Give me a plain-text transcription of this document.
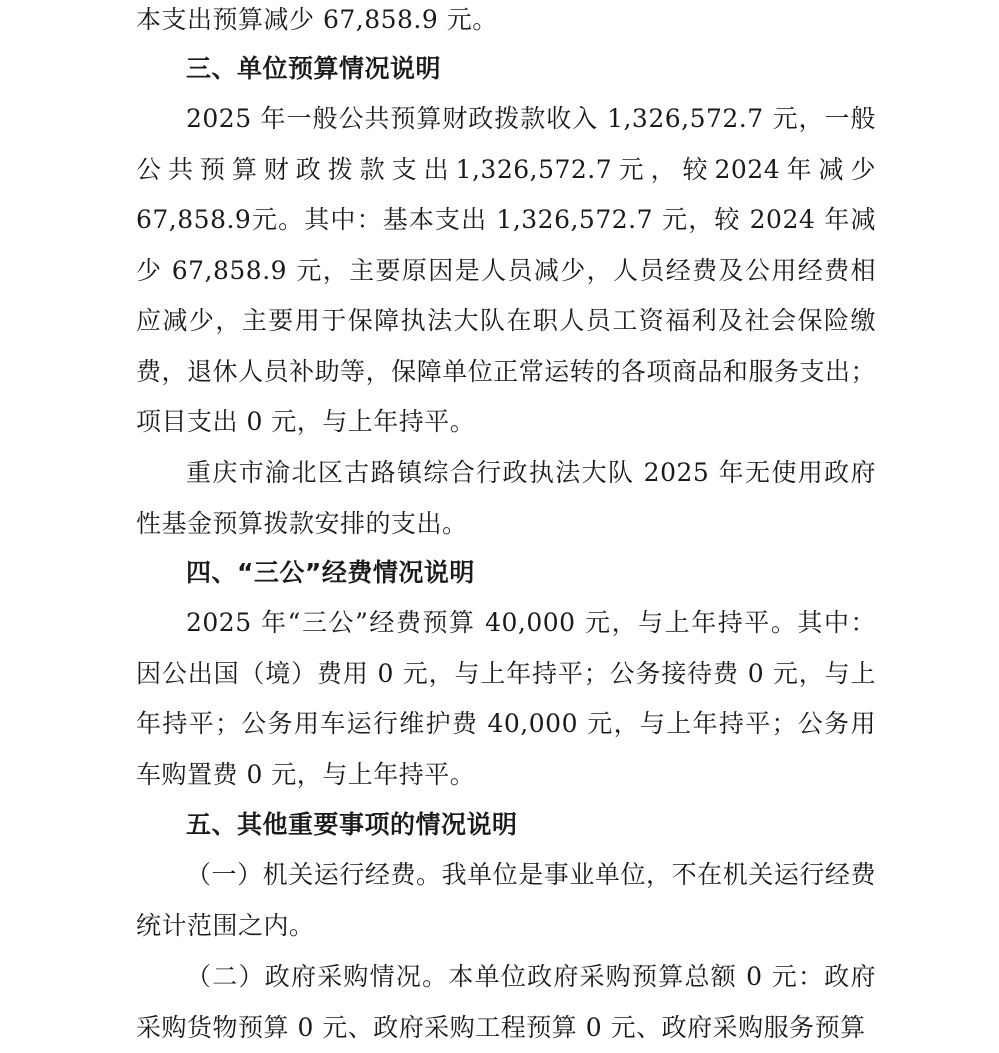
本支出预算减少 67,858.9 元。

三、单位预算情况说明

2025 年一般公共预算财政拨款收入 1,326,572.7 元，一般公共预算财政拨款支出1,326,572.7元，较2024年减少67,858.9元。其中：基本支出 1,326,572.7 元，较 2024 年减少 67,858.9 元，主要原因是人员减少，人员经费及公用经费相应减少，主要用于保障执法大队在职人员工资福利及社会保险缴费，退休人员补助等，保障单位正常运转的各项商品和服务支出；项目支出 0 元，与上年持平。

重庆市渝北区古路镇综合行政执法大队 2025 年无使用政府性基金预算拨款安排的支出。

四、“三公”经费情况说明

2025 年“三公”经费预算 40,000 元，与上年持平。其中：因公出国（境）费用 0 元，与上年持平；公务接待费 0 元，与上年持平；公务用车运行维护费 40,000 元，与上年持平；公务用车购置费 0 元，与上年持平。

五、其他重要事项的情况说明

（一）机关运行经费。我单位是事业单位，不在机关运行经费统计范围之内。

（二）政府采购情况。本单位政府采购预算总额 0 元：政府采购货物预算 0 元、政府采购工程预算 0 元、政府采购服务预算
